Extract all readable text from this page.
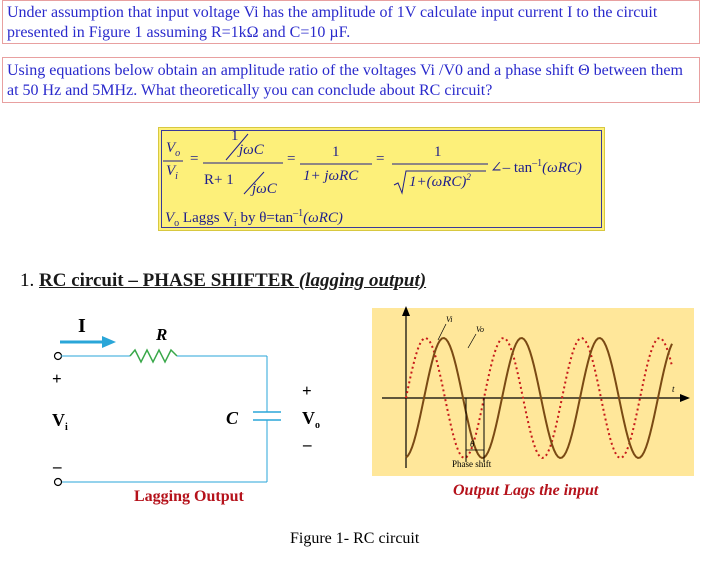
Under assumption that input voltage Vi has the amplitude of 1V calculate input current I to the circuit presented in Figure 1 assuming R=1kΩ and C=10 µF.

Using equations below obtain an amplitude ratio of the voltages Vi /V0 and a phase shift Θ between them at 50 Hz and 5MHz. What theoretically you can conclude about RC circuit?

$V_o$
$V_i$
=
1
jωC
R+ 1
jωC
= 1
1+ jωRC
=	1
$1+(\omega RC)^2$
∠– $\tan^{-1}(\omega RC)$
$V_o$ Laggs $V_i$ by $\theta=\tan^{-1}(\omega RC)$
1. RC circuit – PHASE SHIFTER (lagging output)
I	R
C
+
$V_i$
–
+
$V_o$
–
Lagging Output
t
Vi
Vo
θ
Phase shift
Output Lags the input
Figure 1- RC circuit
